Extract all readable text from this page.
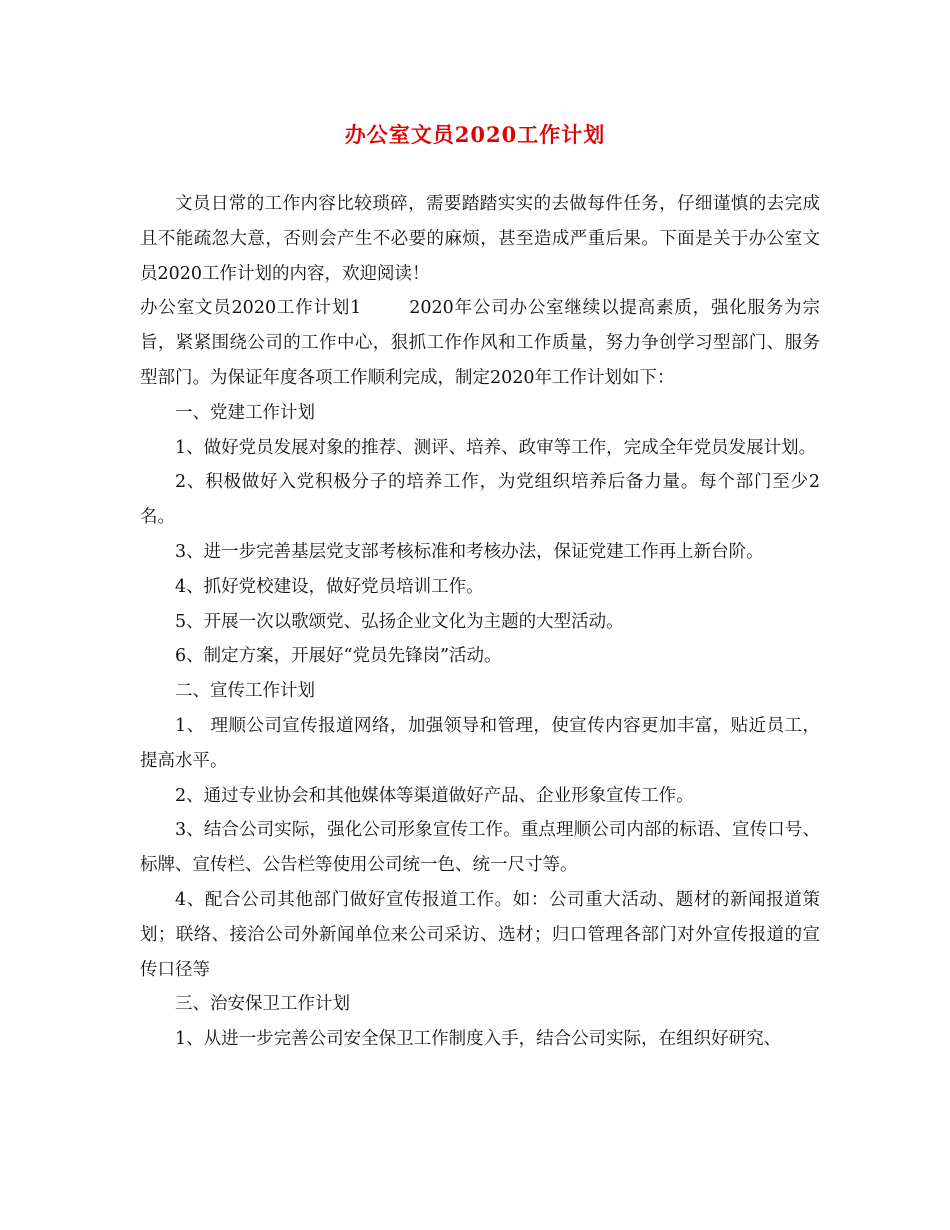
办公室文员2020工作计划

文员日常的工作内容比较琐碎，需要踏踏实实的去做每件任务，仔细谨慎的去完成且不能疏忽大意，否则会产生不必要的麻烦，甚至造成严重后果。下面是关于办公室文员2020工作计划的内容，欢迎阅读！

办公室文员2020工作计划1	2020年公司办公室继续以提高素质，强化服务为宗旨，紧紧围绕公司的工作中心，狠抓工作作风和工作质量，努力争创学习型部门、服务型部门。为保证年度各项工作顺利完成，制定2020年工作计划如下：

一、党建工作计划

1、做好党员发展对象的推荐、测评、培养、政审等工作，完成全年党员发展计划。

2、积极做好入党积极分子的培养工作，为党组织培养后备力量。每个部门至少2名。

3、进一步完善基层党支部考核标准和考核办法，保证党建工作再上新台阶。

4、抓好党校建设，做好党员培训工作。

5、开展一次以歌颂党、弘扬企业文化为主题的大型活动。

6、制定方案，开展好“党员先锋岗”活动。

二、宣传工作计划

1、 理顺公司宣传报道网络，加强领导和管理，使宣传内容更加丰富，贴近员工，提高水平。

2、通过专业协会和其他媒体等渠道做好产品、企业形象宣传工作。

3、结合公司实际，强化公司形象宣传工作。重点理顺公司内部的标语、宣传口号、标牌、宣传栏、公告栏等使用公司统一色、统一尺寸等。

4、配合公司其他部门做好宣传报道工作。如：公司重大活动、题材的新闻报道策划；联络、接洽公司外新闻单位来公司采访、选材；归口管理各部门对外宣传报道的宣传口径等

三、治安保卫工作计划

1、从进一步完善公司安全保卫工作制度入手，结合公司实际，在组织好研究、
